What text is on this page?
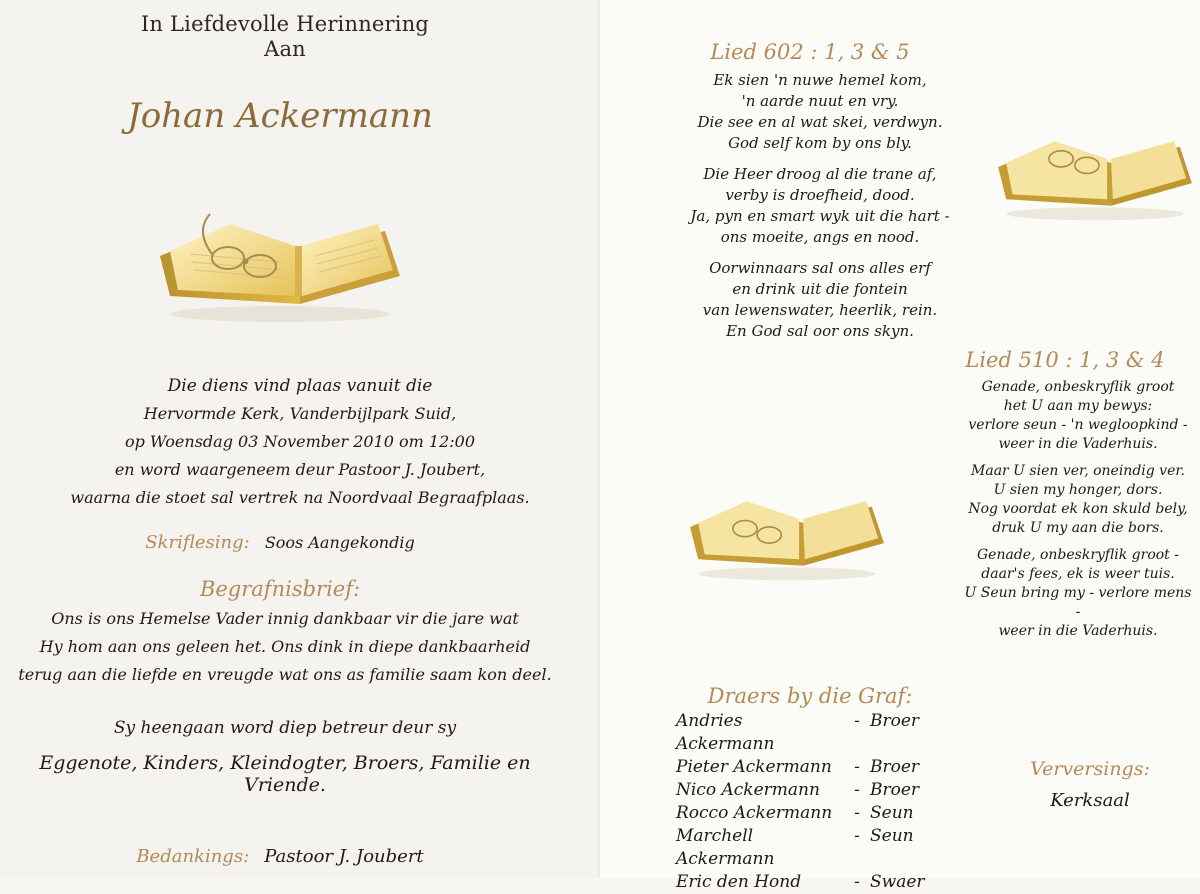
In Liefdevolle Herinnering
Aan
Johan Ackermann
Die diens vind plaas vanuit die
Hervormde Kerk, Vanderbijlpark Suid,
op Woensdag 03 November 2010 om 12:00
en word waargeneem deur Pastoor J. Joubert,
waarna die stoet sal vertrek na Noordvaal Begraafplaas.
Skriflesing: Soos Aangekondig
Begrafnisbrief:
Ons is ons Hemelse Vader innig dankbaar vir die jare wat
Hy hom aan ons geleen het. Ons dink in diepe dankbaarheid
terug aan die liefde en vreugde wat ons as familie saam kon deel.
Sy heengaan word diep betreur deur sy
Eggenote, Kinders, Kleindogter, Broers, Familie en Vriende.
Bedankings: Pastoor J. Joubert
Lied 602 : 1, 3 & 5
Ek sien 'n nuwe hemel kom,
'n aarde nuut en vry.
Die see en al wat skei, verdwyn.
God self kom by ons bly.
Die Heer droog al die trane af,
verby is droefheid, dood.
Ja, pyn en smart wyk uit die hart -
ons moeite, angs en nood.
Oorwinnaars sal ons alles erf
en drink uit die fontein
van lewenswater, heerlik, rein.
En God sal oor ons skyn.
Lied 510 : 1, 3 & 4
Genade, onbeskryflik groot
het U aan my bewys:
verlore seun - 'n wegloopkind -
weer in die Vaderhuis.
Maar U sien ver, oneindig ver.
U sien my honger, dors.
Nog voordat ek kon skuld bely,
druk U my aan die bors.
Genade, onbeskryflik groot -
daar's fees, ek is weer tuis.
U Seun bring my - verlore mens -
weer in die Vaderhuis.
Draers by die Graf:
Andries Ackermann
- Broer
Pieter Ackermann	- Broer
Nico Ackermann	- Broer
Rocco Ackermann	- Seun
Marchell Ackermann
- Seun
Eric den Hond	- Swaer
Verversings:
Kerksaal
